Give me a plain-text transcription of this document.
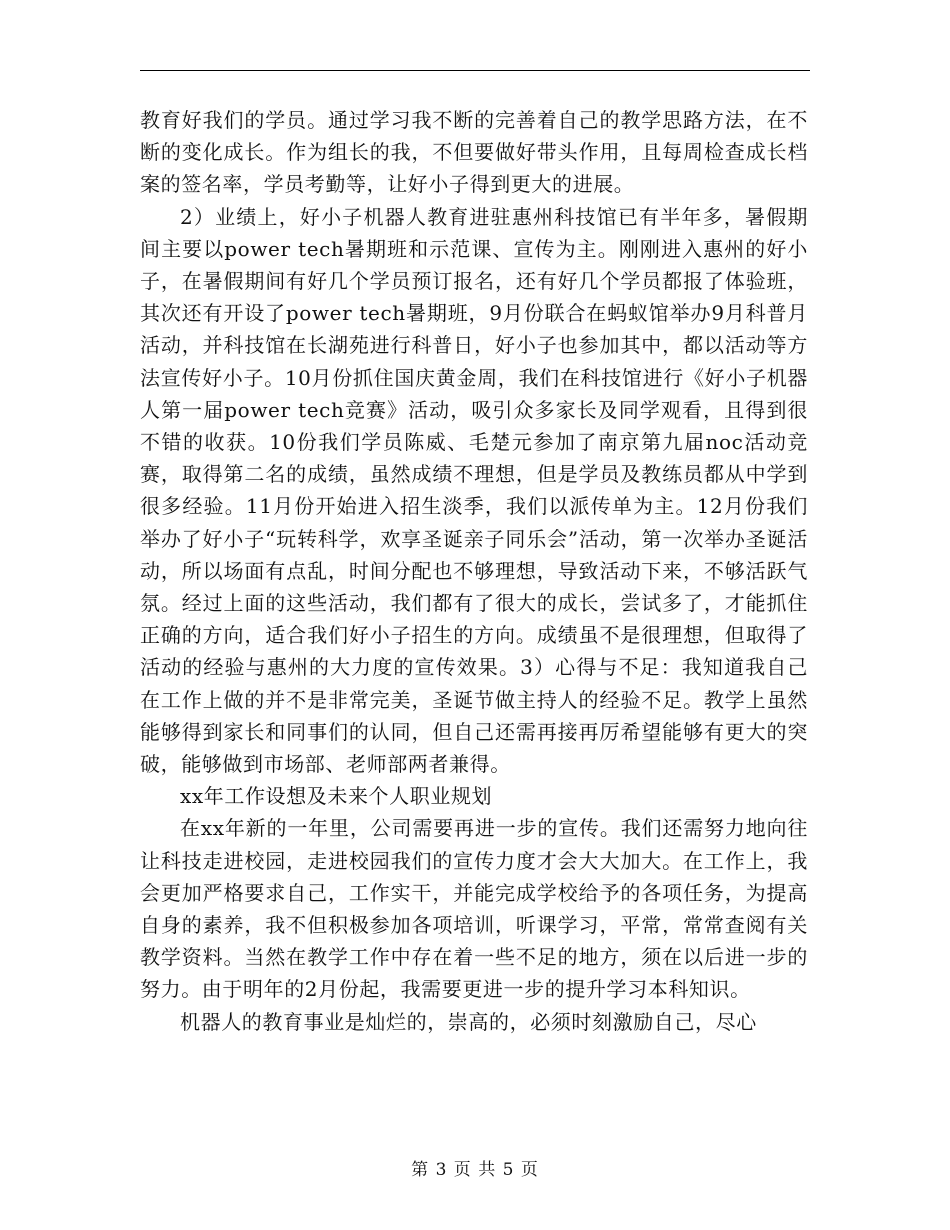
教育好我们的学员。通过学习我不断的完善着自己的教学思路方法，在不断的变化成长。作为组长的我，不但要做好带头作用，且每周检查成长档案的签名率，学员考勤等，让好小子得到更大的进展。

2）业绩上，好小子机器人教育进驻惠州科技馆已有半年多，暑假期间主要以power tech暑期班和示范课、宣传为主。刚刚进入惠州的好小子，在暑假期间有好几个学员预订报名，还有好几个学员都报了体验班，其次还有开设了power tech暑期班，9月份联合在蚂蚁馆举办9月科普月活动，并科技馆在长湖苑进行科普日，好小子也参加其中，都以活动等方法宣传好小子。10月份抓住国庆黄金周，我们在科技馆进行《好小子机器人第一届power tech竞赛》活动，吸引众多家长及同学观看，且得到很不错的收获。10份我们学员陈威、毛楚元参加了南京第九届noc活动竞赛，取得第二名的成绩，虽然成绩不理想，但是学员及教练员都从中学到很多经验。11月份开始进入招生淡季，我们以派传单为主。12月份我们举办了好小子“玩转科学，欢享圣诞亲子同乐会”活动，第一次举办圣诞活动，所以场面有点乱，时间分配也不够理想，导致活动下来，不够活跃气氛。经过上面的这些活动，我们都有了很大的成长，尝试多了，才能抓住正确的方向，适合我们好小子招生的方向。成绩虽不是很理想，但取得了活动的经验与惠州的大力度的宣传效果。3）心得与不足：我知道我自己在工作上做的并不是非常完美，圣诞节做主持人的经验不足。教学上虽然能够得到家长和同事们的认同，但自己还需再接再厉希望能够有更大的突破，能够做到市场部、老师部两者兼得。

xx年工作设想及未来个人职业规划

在xx年新的一年里，公司需要再进一步的宣传。我们还需努力地向往让科技走进校园，走进校园我们的宣传力度才会大大加大。在工作上，我会更加严格要求自己，工作实干，并能完成学校给予的各项任务，为提高自身的素养，我不但积极参加各项培训，听课学习，平常，常常查阅有关教学资料。当然在教学工作中存在着一些不足的地方，须在以后进一步的努力。由于明年的2月份起，我需要更进一步的提升学习本科知识。

机器人的教育事业是灿烂的，崇高的，必须时刻激励自己，尽心

第 3 页 共 5 页
